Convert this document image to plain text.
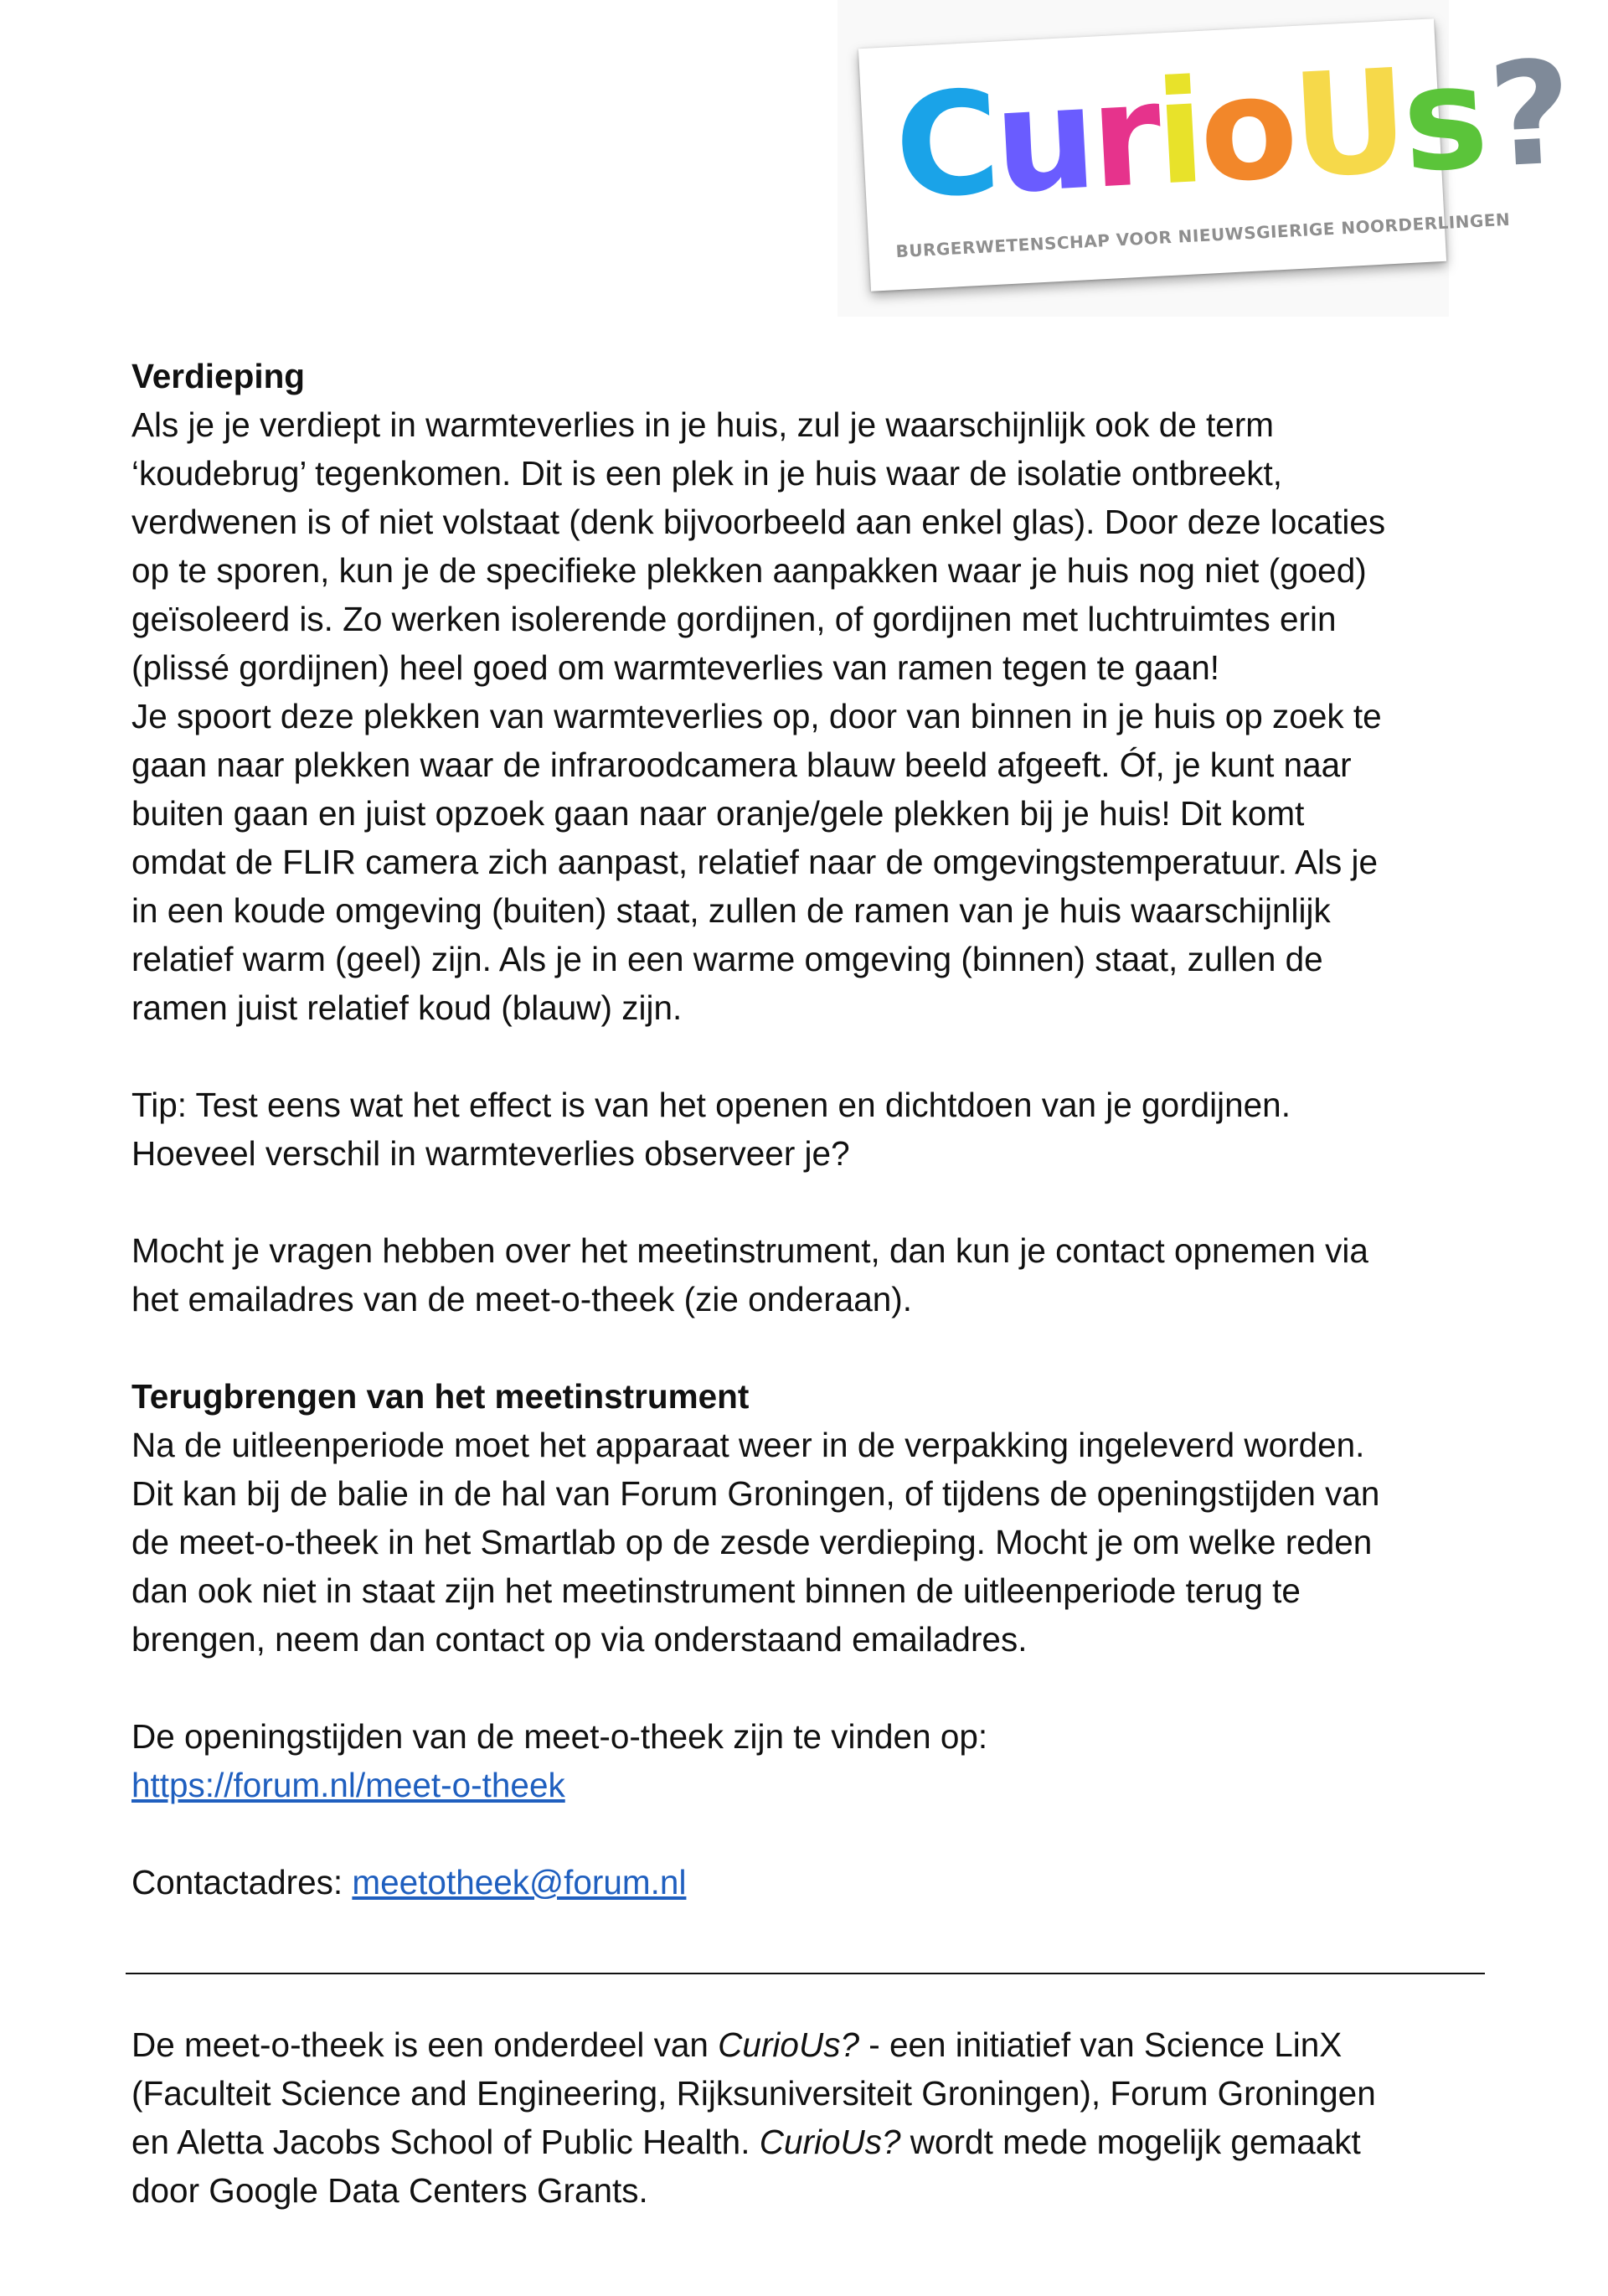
CurioUs?
BURGERWETENSCHAP VOOR NIEUWSGIERIGE NOORDERLINGEN

Verdieping

Als je je verdiept in warmteverlies in je huis, zul je waarschijnlijk ook de term

‘koudebrug’ tegenkomen. Dit is een plek in je huis waar de isolatie ontbreekt,

verdwenen is of niet volstaat (denk bijvoorbeeld aan enkel glas). Door deze locaties

op te sporen, kun je de specifieke plekken aanpakken waar je huis nog niet (goed)

geïsoleerd is. Zo werken isolerende gordijnen, of gordijnen met luchtruimtes erin

(plissé gordijnen) heel goed om warmteverlies van ramen tegen te gaan!

Je spoort deze plekken van warmteverlies op, door van binnen in je huis op zoek te

gaan naar plekken waar de infraroodcamera blauw beeld afgeeft. Óf, je kunt naar

buiten gaan en juist opzoek gaan naar oranje/gele plekken bij je huis! Dit komt

omdat de FLIR camera zich aanpast, relatief naar de omgevingstemperatuur. Als je

in een koude omgeving (buiten) staat, zullen de ramen van je huis waarschijnlijk

relatief warm (geel) zijn. Als je in een warme omgeving (binnen) staat, zullen de

ramen juist relatief koud (blauw) zijn.

Tip: Test eens wat het effect is van het openen en dichtdoen van je gordijnen.

Hoeveel verschil in warmteverlies observeer je?

Mocht je vragen hebben over het meetinstrument, dan kun je contact opnemen via

het emailadres van de meet-o-theek (zie onderaan).

Terugbrengen van het meetinstrument

Na de uitleenperiode moet het apparaat weer in de verpakking ingeleverd worden.

Dit kan bij de balie in de hal van Forum Groningen, of tijdens de openingstijden van

de meet-o-theek in het Smartlab op de zesde verdieping. Mocht je om welke reden

dan ook niet in staat zijn het meetinstrument binnen de uitleenperiode terug te

brengen, neem dan contact op via onderstaand emailadres.

De openingstijden van de meet-o-theek zijn te vinden op:

https://forum.nl/meet-o-theek

Contactadres: meetotheek@forum.nl

De meet-o-theek is een onderdeel van CurioUs? - een initiatief van Science LinX

(Faculteit Science and Engineering, Rijksuniversiteit Groningen), Forum Groningen

en Aletta Jacobs School of Public Health. CurioUs? wordt mede mogelijk gemaakt

door Google Data Centers Grants.
